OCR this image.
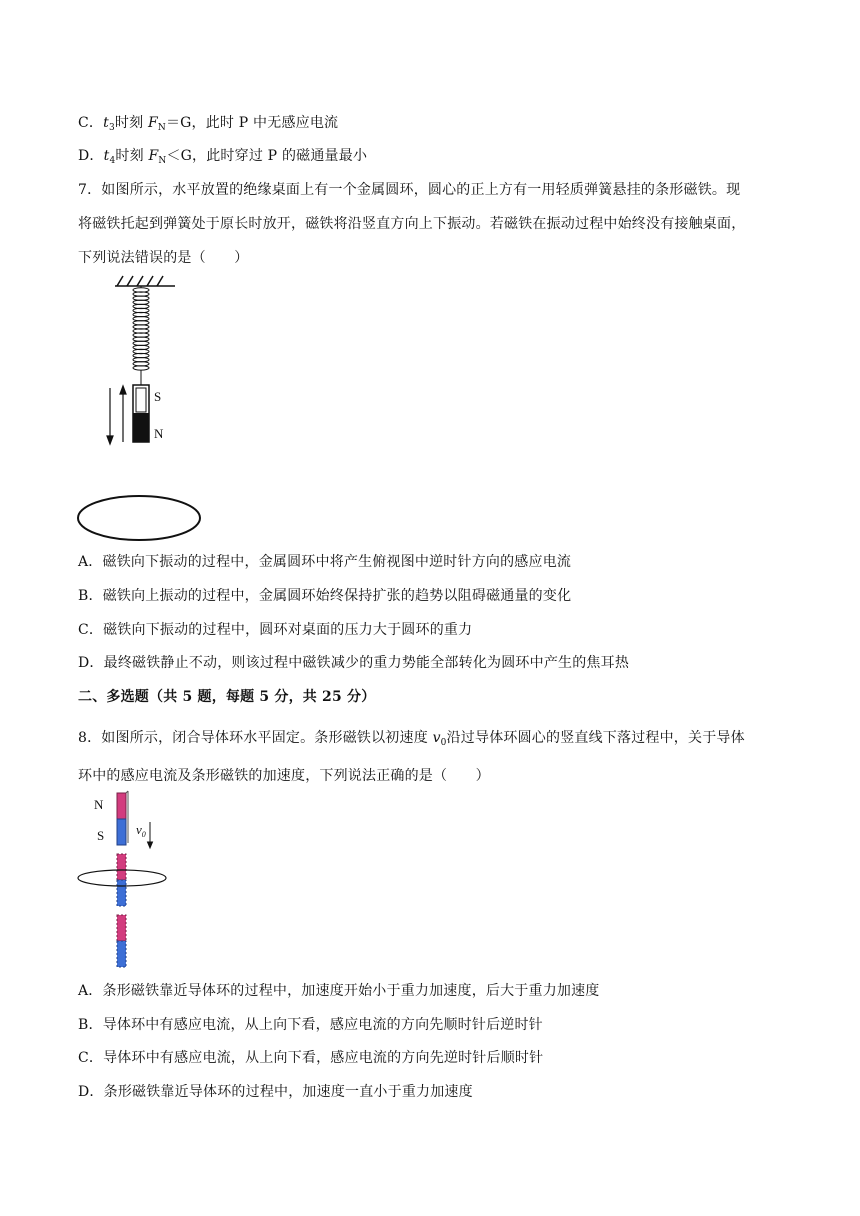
C．$t_3$时刻 $F_N=G$，此时 P 中无感应电流
D．$t_4$时刻 $F_N<G$，此时穿过 P 的磁通量最小
7．如图所示，水平放置的绝缘桌面上有一个金属圆环，圆心的正上方有一用轻质弹簧悬挂的条形磁铁。现
将磁铁托起到弹簧处于原长时放开，磁铁将沿竖直方向上下振动。若磁铁在振动过程中始终没有接触桌面，
下列说法错误的是（　　）
S
N
A．磁铁向下振动的过程中，金属圆环中将产生俯视图中逆时针方向的感应电流
B．磁铁向上振动的过程中，金属圆环始终保持扩张的趋势以阻碍磁通量的变化
C．磁铁向下振动的过程中，圆环对桌面的压力大于圆环的重力
D．最终磁铁静止不动，则该过程中磁铁减少的重力势能全部转化为圆环中产生的焦耳热
二、多选题（共 5 题，每题 5 分，共 25 分）
8．如图所示，闭合导体环水平固定。条形磁铁以初速度 $v_0$沿过导体环圆心的竖直线下落过程中，关于导体
环中的感应电流及条形磁铁的加速度，下列说法正确的是（　　）
N
S $v_0$
A．条形磁铁靠近导体环的过程中，加速度开始小于重力加速度，后大于重力加速度
B．导体环中有感应电流，从上向下看，感应电流的方向先顺时针后逆时针
C．导体环中有感应电流，从上向下看，感应电流的方向先逆时针后顺时针
D．条形磁铁靠近导体环的过程中，加速度一直小于重力加速度
